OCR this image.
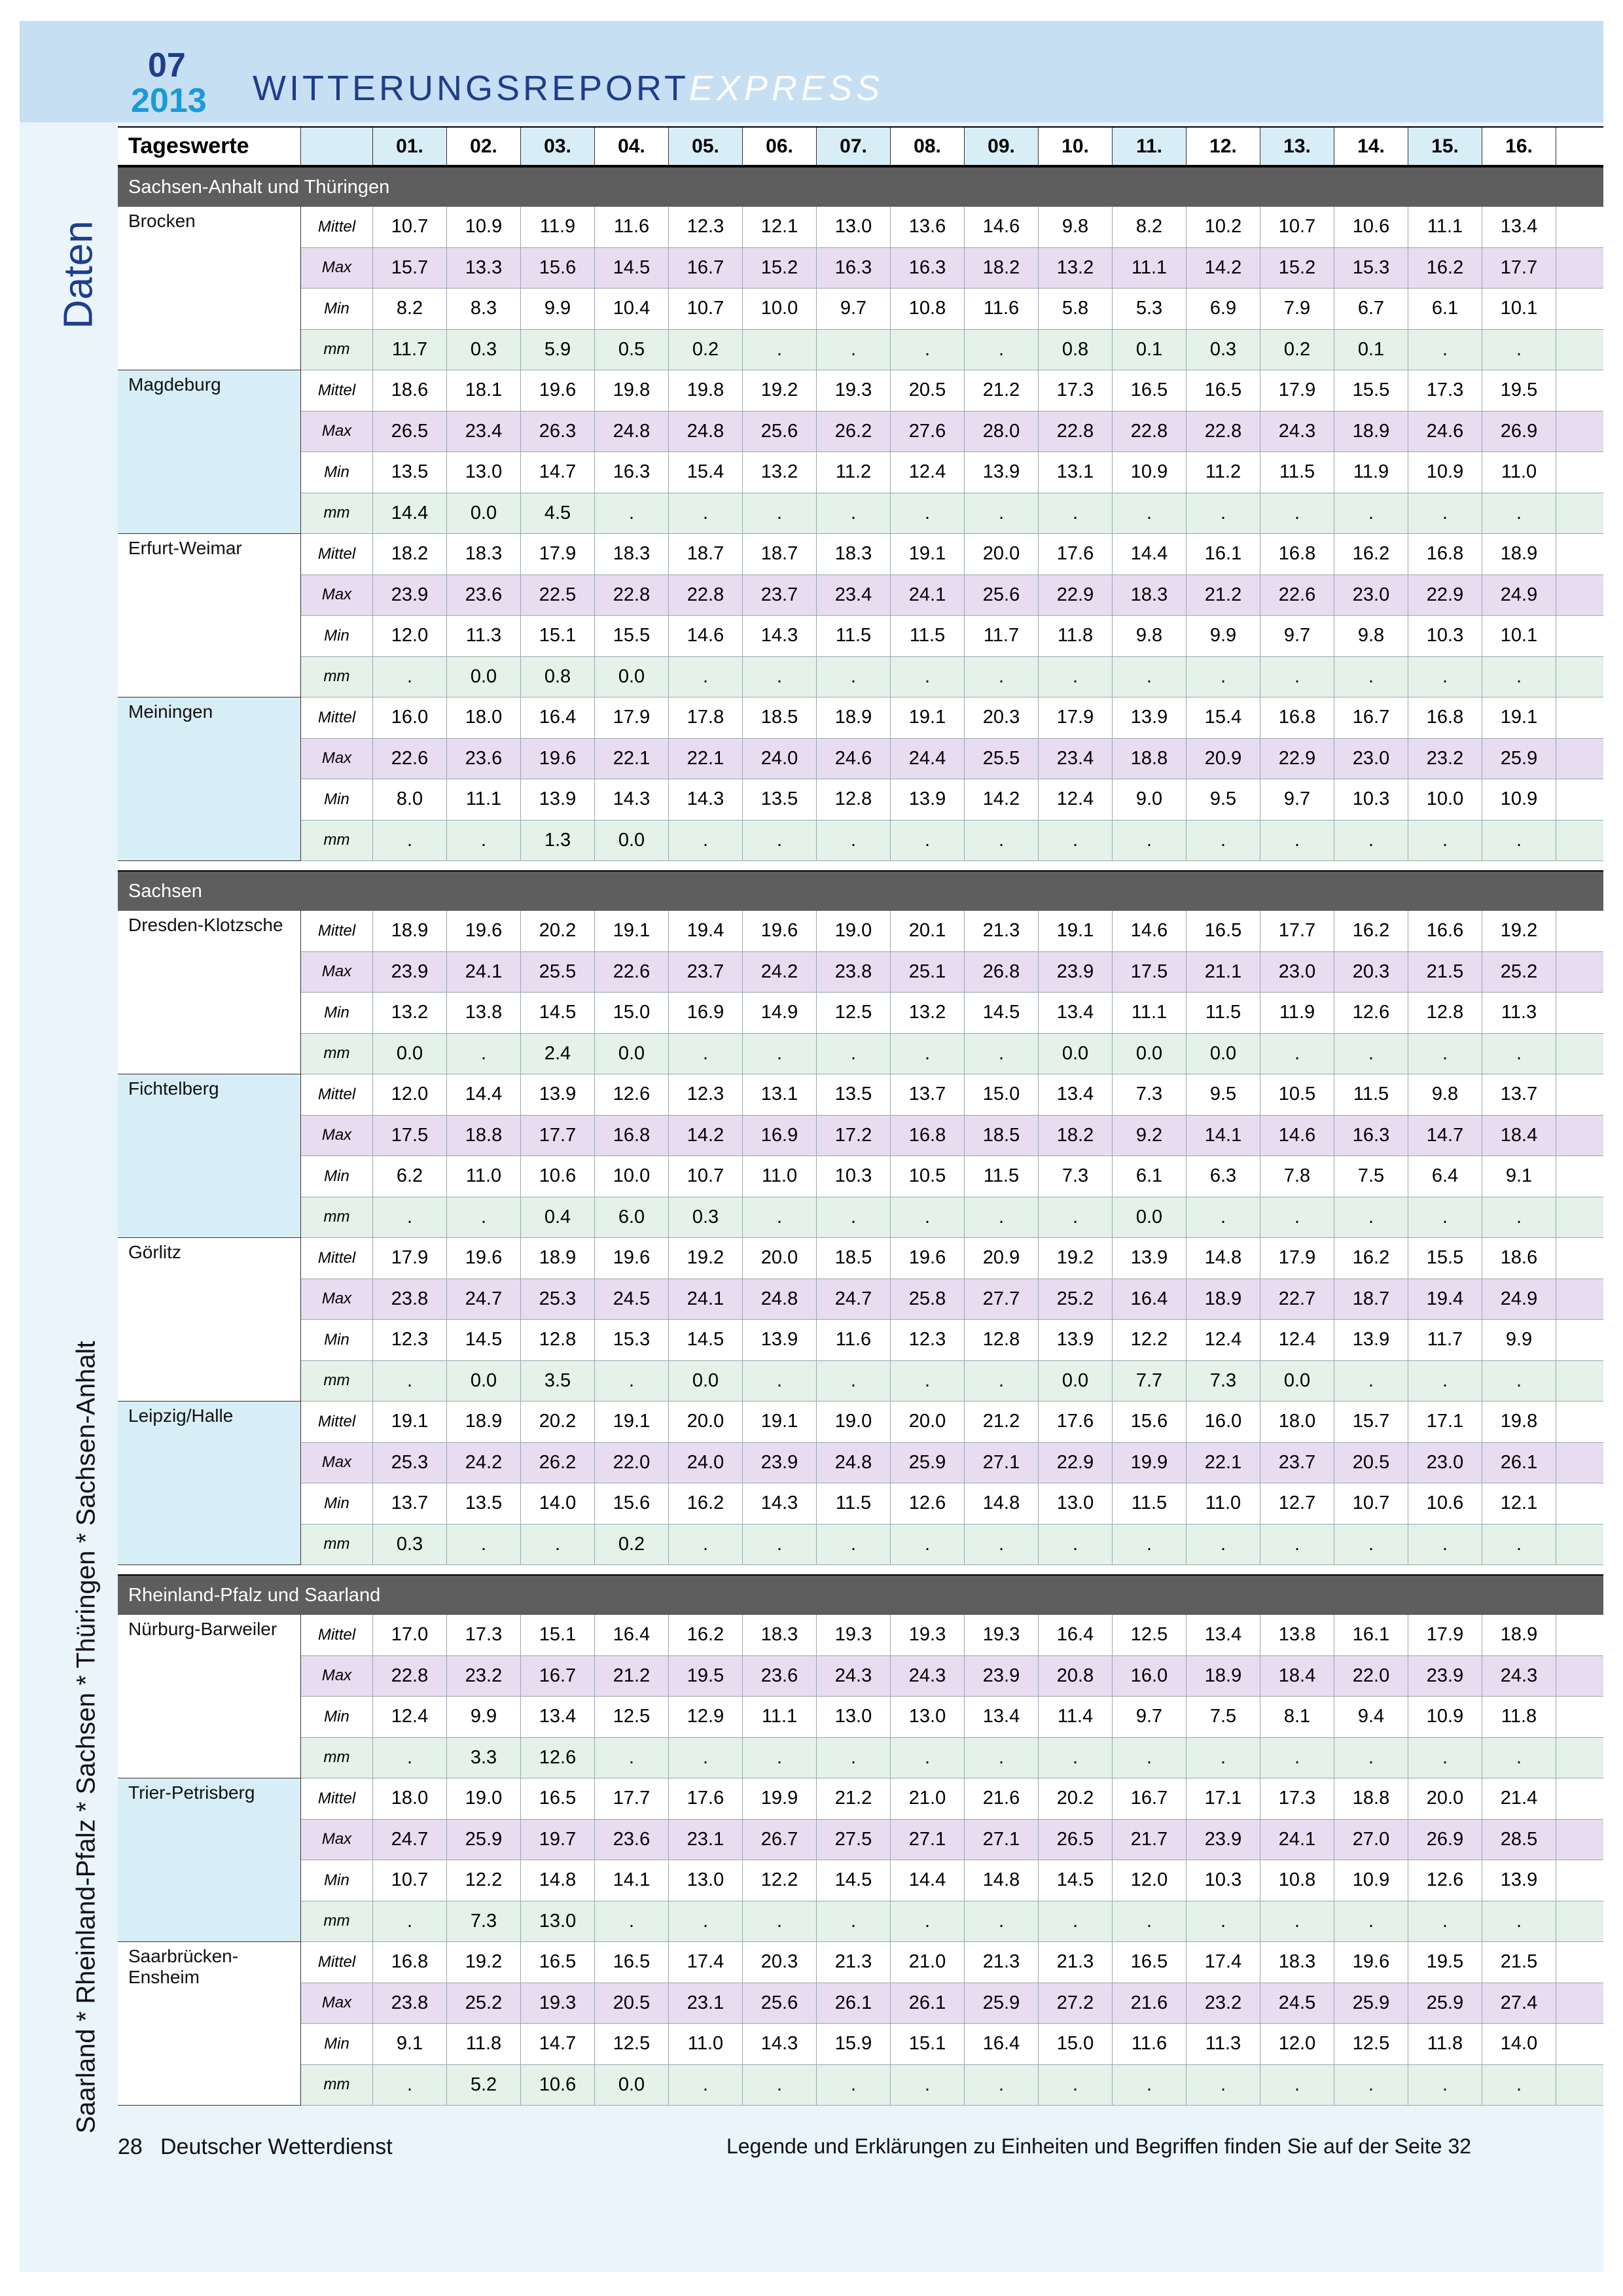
07
2013 WITTERUNGSREPORTEXPRESS
Daten
Saarland * Rheinland-Pfalz * Sachsen * Thüringen * Sachsen-Anhalt
Tageswerte	01.	02.	03.	04.	05.	06.	07.	08.	09.	10.	11.	12.	13.	14.	15.	16.
Sachsen-Anhalt und Thüringen
Brocken	Mittel	10.7	10.9	11.9	11.6	12.3	12.1	13.0	13.6	14.6	9.8	8.2	10.2	10.7	10.6	11.1	13.4
Max	15.7	13.3	15.6	14.5	16.7	15.2	16.3	16.3	18.2	13.2	11.1	14.2	15.2	15.3	16.2	17.7
Min	8.2	8.3	9.9	10.4	10.7	10.0	9.7	10.8	11.6	5.8	5.3	6.9	7.9	6.7	6.1	10.1
mm	11.7	0.3	5.9	0.5	0.2	.	.	.	.	0.8	0.1	0.3	0.2	0.1	.	.
Magdeburg	Mittel	18.6	18.1	19.6	19.8	19.8	19.2	19.3	20.5	21.2	17.3	16.5	16.5	17.9	15.5	17.3	19.5
Max	26.5	23.4	26.3	24.8	24.8	25.6	26.2	27.6	28.0	22.8	22.8	22.8	24.3	18.9	24.6	26.9
Min	13.5	13.0	14.7	16.3	15.4	13.2	11.2	12.4	13.9	13.1	10.9	11.2	11.5	11.9	10.9	11.0
mm	14.4	0.0	4.5	.	.	.	.	.	.	.	.	.	.	.	.	.
Erfurt-Weimar	Mittel	18.2	18.3	17.9	18.3	18.7	18.7	18.3	19.1	20.0	17.6	14.4	16.1	16.8	16.2	16.8	18.9
Max	23.9	23.6	22.5	22.8	22.8	23.7	23.4	24.1	25.6	22.9	18.3	21.2	22.6	23.0	22.9	24.9
Min	12.0	11.3	15.1	15.5	14.6	14.3	11.5	11.5	11.7	11.8	9.8	9.9	9.7	9.8	10.3	10.1
mm	.	0.0	0.8	0.0	.	.	.	.	.	.	.	.	.	.	.	.
Meiningen	Mittel	16.0	18.0	16.4	17.9	17.8	18.5	18.9	19.1	20.3	17.9	13.9	15.4	16.8	16.7	16.8	19.1
Max	22.6	23.6	19.6	22.1	22.1	24.0	24.6	24.4	25.5	23.4	18.8	20.9	22.9	23.0	23.2	25.9
Min	8.0	11.1	13.9	14.3	14.3	13.5	12.8	13.9	14.2	12.4	9.0	9.5	9.7	10.3	10.0	10.9
mm	.	.	1.3	0.0	.	.	.	.	.	.	.	.	.	.	.	.
Sachsen
Dresden-Klotzsche	Mittel	18.9	19.6	20.2	19.1	19.4	19.6	19.0	20.1	21.3	19.1	14.6	16.5	17.7	16.2	16.6	19.2
Max	23.9	24.1	25.5	22.6	23.7	24.2	23.8	25.1	26.8	23.9	17.5	21.1	23.0	20.3	21.5	25.2
Min	13.2	13.8	14.5	15.0	16.9	14.9	12.5	13.2	14.5	13.4	11.1	11.5	11.9	12.6	12.8	11.3
mm	0.0	.	2.4	0.0	.	.	.	.	.	0.0	0.0	0.0	.	.	.	.
Fichtelberg	Mittel	12.0	14.4	13.9	12.6	12.3	13.1	13.5	13.7	15.0	13.4	7.3	9.5	10.5	11.5	9.8	13.7
Max	17.5	18.8	17.7	16.8	14.2	16.9	17.2	16.8	18.5	18.2	9.2	14.1	14.6	16.3	14.7	18.4
Min	6.2	11.0	10.6	10.0	10.7	11.0	10.3	10.5	11.5	7.3	6.1	6.3	7.8	7.5	6.4	9.1
mm	.	.	0.4	6.0	0.3	.	.	.	.	.	0.0	.	.	.	.	.
Görlitz	Mittel	17.9	19.6	18.9	19.6	19.2	20.0	18.5	19.6	20.9	19.2	13.9	14.8	17.9	16.2	15.5	18.6
Max	23.8	24.7	25.3	24.5	24.1	24.8	24.7	25.8	27.7	25.2	16.4	18.9	22.7	18.7	19.4	24.9
Min	12.3	14.5	12.8	15.3	14.5	13.9	11.6	12.3	12.8	13.9	12.2	12.4	12.4	13.9	11.7	9.9
mm	.	0.0	3.5	.	0.0	.	.	.	.	0.0	7.7	7.3	0.0	.	.	.
Leipzig/Halle	Mittel	19.1	18.9	20.2	19.1	20.0	19.1	19.0	20.0	21.2	17.6	15.6	16.0	18.0	15.7	17.1	19.8
Max	25.3	24.2	26.2	22.0	24.0	23.9	24.8	25.9	27.1	22.9	19.9	22.1	23.7	20.5	23.0	26.1
Min	13.7	13.5	14.0	15.6	16.2	14.3	11.5	12.6	14.8	13.0	11.5	11.0	12.7	10.7	10.6	12.1
mm	0.3	.	.	0.2	.	.	.	.	.	.	.	.	.	.	.	.
Rheinland-Pfalz und Saarland
Nürburg-Barweiler	Mittel	17.0	17.3	15.1	16.4	16.2	18.3	19.3	19.3	19.3	16.4	12.5	13.4	13.8	16.1	17.9	18.9
Max	22.8	23.2	16.7	21.2	19.5	23.6	24.3	24.3	23.9	20.8	16.0	18.9	18.4	22.0	23.9	24.3
Min	12.4	9.9	13.4	12.5	12.9	11.1	13.0	13.0	13.4	11.4	9.7	7.5	8.1	9.4	10.9	11.8
mm	.	3.3	12.6	.	.	.	.	.	.	.	.	.	.	.	.	.
Trier-Petrisberg	Mittel	18.0	19.0	16.5	17.7	17.6	19.9	21.2	21.0	21.6	20.2	16.7	17.1	17.3	18.8	20.0	21.4
Max	24.7	25.9	19.7	23.6	23.1	26.7	27.5	27.1	27.1	26.5	21.7	23.9	24.1	27.0	26.9	28.5
Min	10.7	12.2	14.8	14.1	13.0	12.2	14.5	14.4	14.8	14.5	12.0	10.3	10.8	10.9	12.6	13.9
mm	.	7.3	13.0	.	.	.	.	.	.	.	.	.	.	.	.	.
Saarbrücken-Ensheim
Mittel	16.8	19.2	16.5	16.5	17.4	20.3	21.3	21.0	21.3	21.3	16.5	17.4	18.3	19.6	19.5	21.5
Max	23.8	25.2	19.3	20.5	23.1	25.6	26.1	26.1	25.9	27.2	21.6	23.2	24.5	25.9	25.9	27.4
Min	9.1	11.8	14.7	12.5	11.0	14.3	15.9	15.1	16.4	15.0	11.6	11.3	12.0	12.5	11.8	14.0
mm	.	5.2	10.6	0.0	.	.	.	.	.	.	.	.	.	.	.	.
28 Deutscher Wetterdienst	Legende und Erklärungen zu Einheiten und Begriffen finden Sie auf der Seite 32
